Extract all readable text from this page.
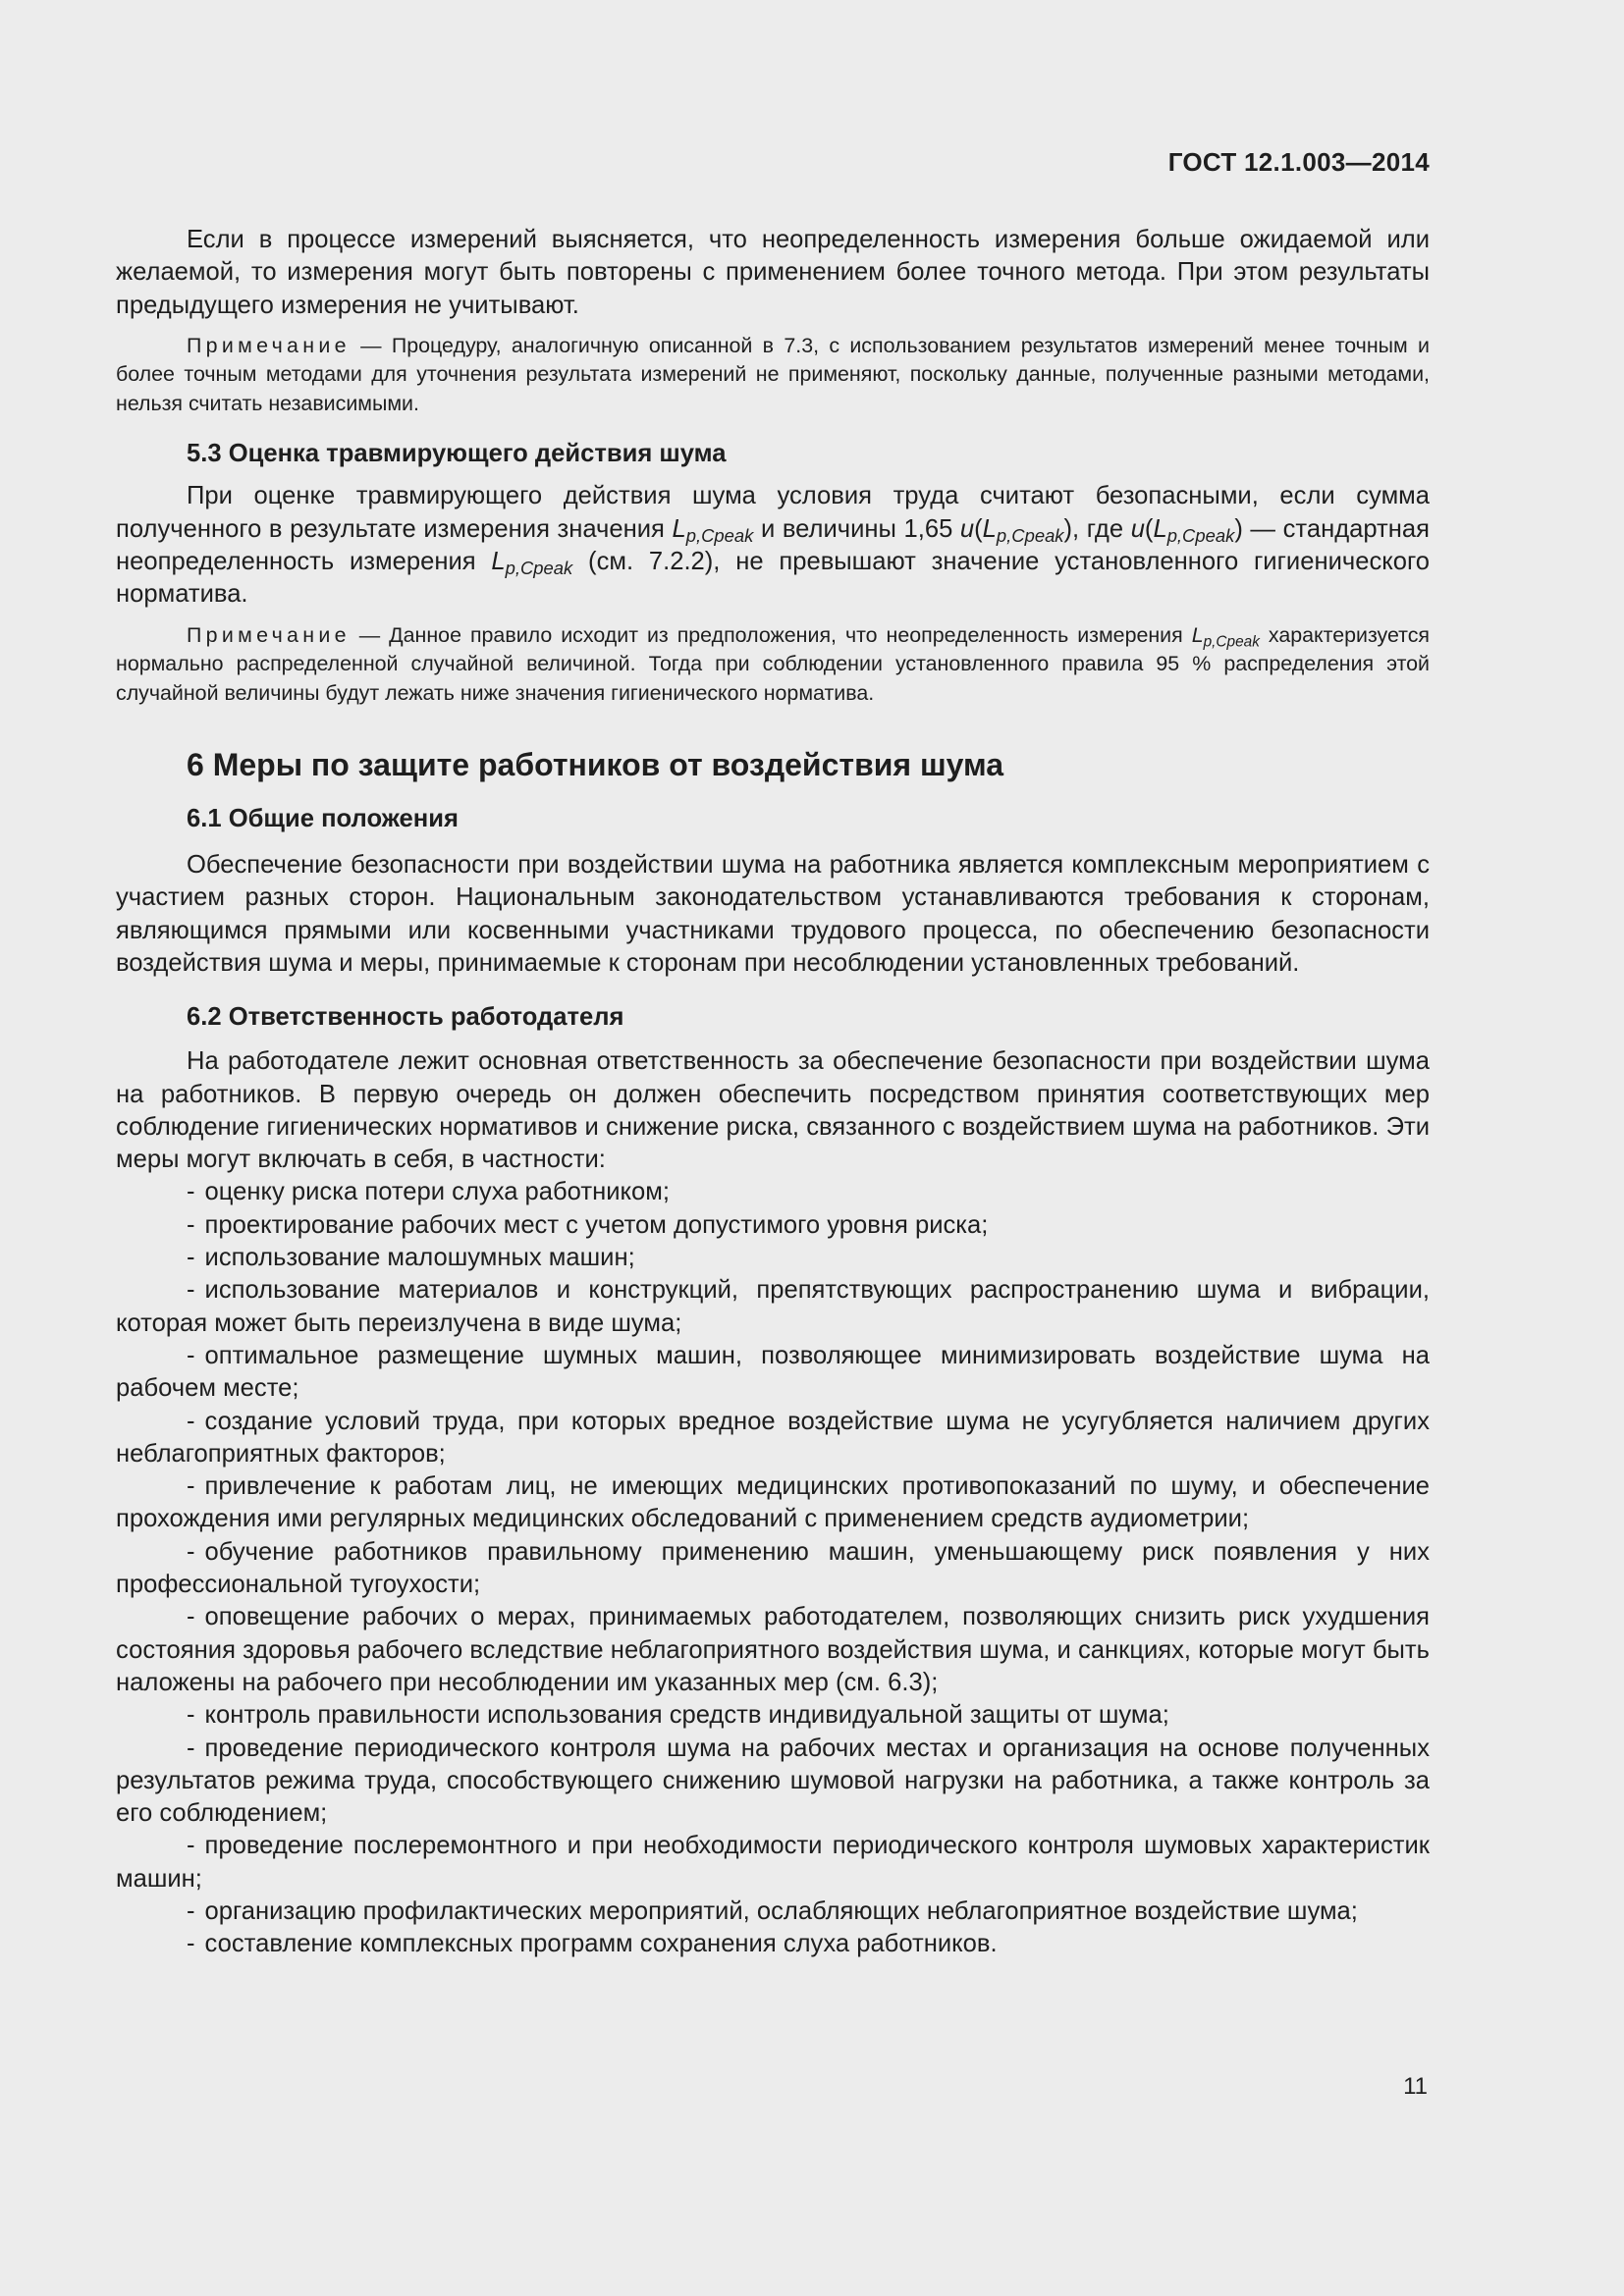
ГОСТ 12.1.003—2014

Если в процессе измерений выясняется, что неопределенность измерения больше ожидаемой или желаемой, то измерения могут быть повторены с применением более точного метода. При этом результаты предыдущего измерения не учитывают.

Примечание — Процедуру, аналогичную описанной в 7.3, с использованием результатов измерений менее точным и более точным методами для уточнения результата измерений не применяют, поскольку данные, полученные разными методами, нельзя считать независимыми.

5.3 Оценка травмирующего действия шума

При оценке травмирующего действия шума условия труда считают безопасными, если сумма полученного в результате измерения значения $L_{p,Cpeak}$ и величины 1,65 $u(L_{p,Cpeak})$, где $u(L_{p,Cpeak})$ — стандартная неопределенность измерения $L_{p,Cpeak}$ (см. 7.2.2), не превышают значение установленного гигиенического норматива.

Примечание — Данное правило исходит из предположения, что неопределенность измерения $L_{p,Cpeak}$ характеризуется нормально распределенной случайной величиной. Тогда при соблюдении установленного правила 95 % распределения этой случайной величины будут лежать ниже значения гигиенического норматива.

6 Меры по защите работников от воздействия шума

6.1 Общие положения

Обеспечение безопасности при воздействии шума на работника является комплексным мероприятием с участием разных сторон. Национальным законодательством устанавливаются требования к сторонам, являющимся прямыми или косвенными участниками трудового процесса, по обеспечению безопасности воздействия шума и меры, принимаемые к сторонам при несоблюдении установленных требований.

6.2 Ответственность работодателя

На работодателе лежит основная ответственность за обеспечение безопасности при воздействии шума на работников. В первую очередь он должен обеспечить посредством принятия соответствующих мер соблюдение гигиенических нормативов и снижение риска, связанного с воздействием шума на работников. Эти меры могут включать в себя, в частности:

- оценку риска потери слуха работником;
- проектирование рабочих мест с учетом допустимого уровня риска;
- использование малошумных машин;
- использование материалов и конструкций, препятствующих распространению шума и вибрации, которая может быть переизлучена в виде шума;
- оптимальное размещение шумных машин, позволяющее минимизировать воздействие шума на рабочем месте;
- создание условий труда, при которых вредное воздействие шума не усугубляется наличием других неблагоприятных факторов;
- привлечение к работам лиц, не имеющих медицинских противопоказаний по шуму, и обеспечение прохождения ими регулярных медицинских обследований с применением средств аудиометрии;
- обучение работников правильному применению машин, уменьшающему риск появления у них профессиональной тугоухости;
- оповещение рабочих о мерах, принимаемых работодателем, позволяющих снизить риск ухудшения состояния здоровья рабочего вследствие неблагоприятного воздействия шума, и санкциях, которые могут быть наложены на рабочего при несоблюдении им указанных мер (см. 6.3);
- контроль правильности использования средств индивидуальной защиты от шума;
- проведение периодического контроля шума на рабочих местах и организация на основе полученных результатов режима труда, способствующего снижению шумовой нагрузки на работника, а также контроль за его соблюдением;
- проведение послеремонтного и при необходимости периодического контроля шумовых характеристик машин;
- организацию профилактических мероприятий, ослабляющих неблагоприятное воздействие шума;
- составление комплексных программ сохранения слуха работников.
11
